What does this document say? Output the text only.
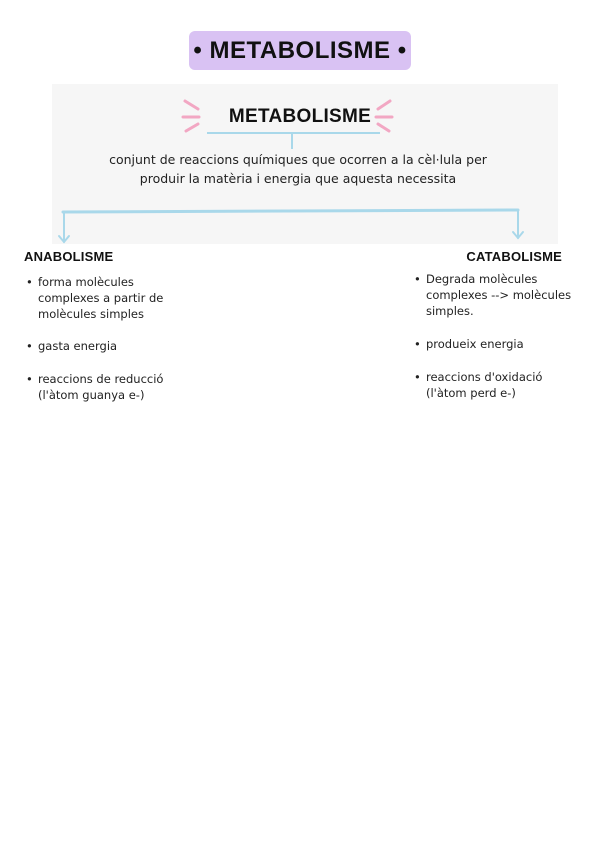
• METABOLISME •
METABOLISME
conjunt de reaccions químiques que ocorren a la cèl·lula per produir la matèria i energia que aquesta necessita
ANABOLISME	CATABOLISME
• forma molècules complexes a partir de molècules simples
• gasta energia
• reaccions de reducció (l'àtom guanya e-)
• Degrada molècules complexes --> molècules simples.
• produeix energia
• reaccions d'oxidació (l'àtom perd e-)
